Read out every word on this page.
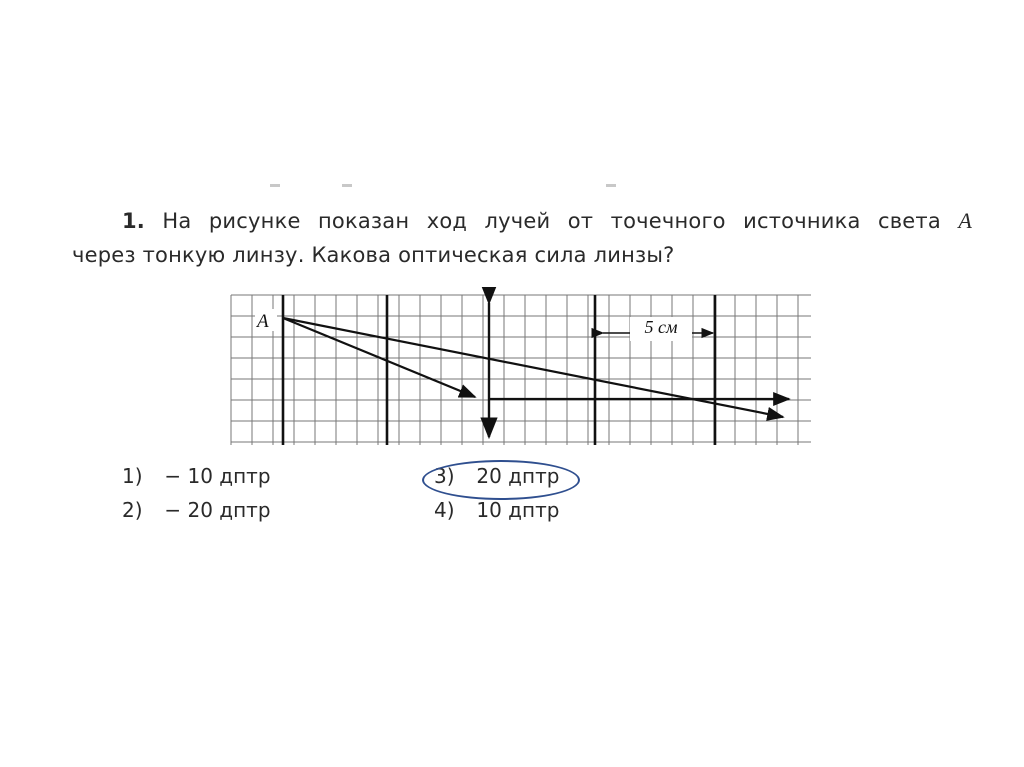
1. На рисунке показан ход лучей от точечного источника света A
через тонкую линзу. Какова оптическая сила линзы?
5 см
A
1) − 10 дптр
2) − 20 дптр
3) 20 дптр
4) 10 дптр
